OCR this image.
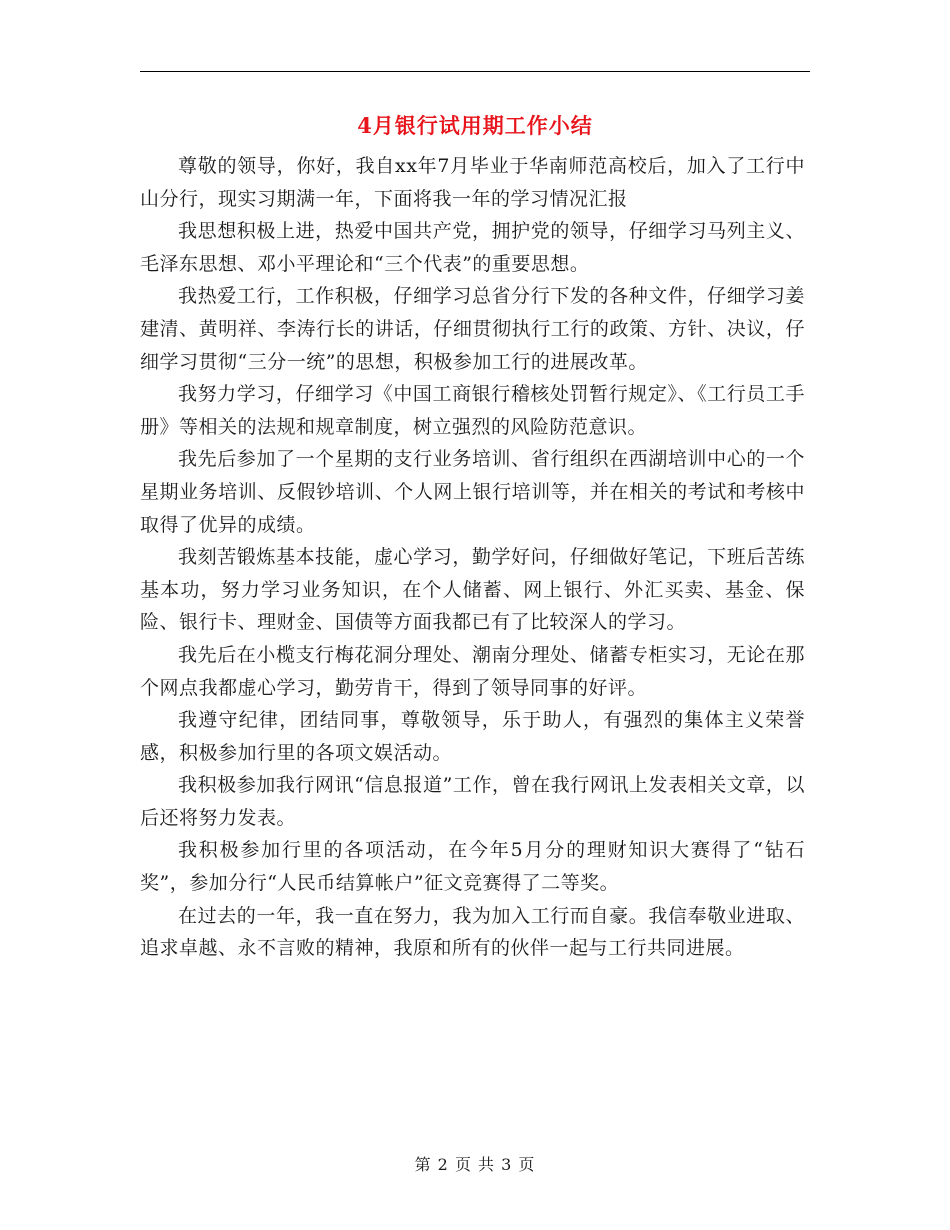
4月银行试用期工作小结

尊敬的领导，你好，我自xx年7月毕业于华南师范高校后，加入了工行中山分行，现实习期满一年，下面将我一年的学习情况汇报

我思想积极上进，热爱中国共产党，拥护党的领导，仔细学习马列主义、毛泽东思想、邓小平理论和“三个代表”的重要思想。

我热爱工行，工作积极，仔细学习总省分行下发的各种文件，仔细学习姜建清、黄明祥、李涛行长的讲话，仔细贯彻执行工行的政策、方针、决议，仔细学习贯彻“三分一统”的思想，积极参加工行的进展改革。

我努力学习，仔细学习《中国工商银行稽核处罚暂行规定》、《工行员工手册》等相关的法规和规章制度，树立强烈的风险防范意识。

我先后参加了一个星期的支行业务培训、省行组织在西湖培训中心的一个星期业务培训、反假钞培训、个人网上银行培训等，并在相关的考试和考核中取得了优异的成绩。

我刻苦锻炼基本技能，虚心学习，勤学好问，仔细做好笔记，下班后苦练基本功，努力学习业务知识，在个人储蓄、网上银行、外汇买卖、基金、保险、银行卡、理财金、国债等方面我都已有了比较深人的学习。

我先后在小榄支行梅花洞分理处、潮南分理处、储蓄专柜实习，无论在那个网点我都虚心学习，勤劳肯干，得到了领导同事的好评。

我遵守纪律，团结同事，尊敬领导，乐于助人，有强烈的集体主义荣誉感，积极参加行里的各项文娱活动。

我积极参加我行网讯“信息报道”工作，曾在我行网讯上发表相关文章，以后还将努力发表。

我积极参加行里的各项活动，在今年5月分的理财知识大赛得了“钻石奖”，参加分行“人民币结算帐户”征文竞赛得了二等奖。

在过去的一年，我一直在努力，我为加入工行而自豪。我信奉敬业进取、追求卓越、永不言败的精神，我原和所有的伙伴一起与工行共同进展。

第 2 页 共 3 页
